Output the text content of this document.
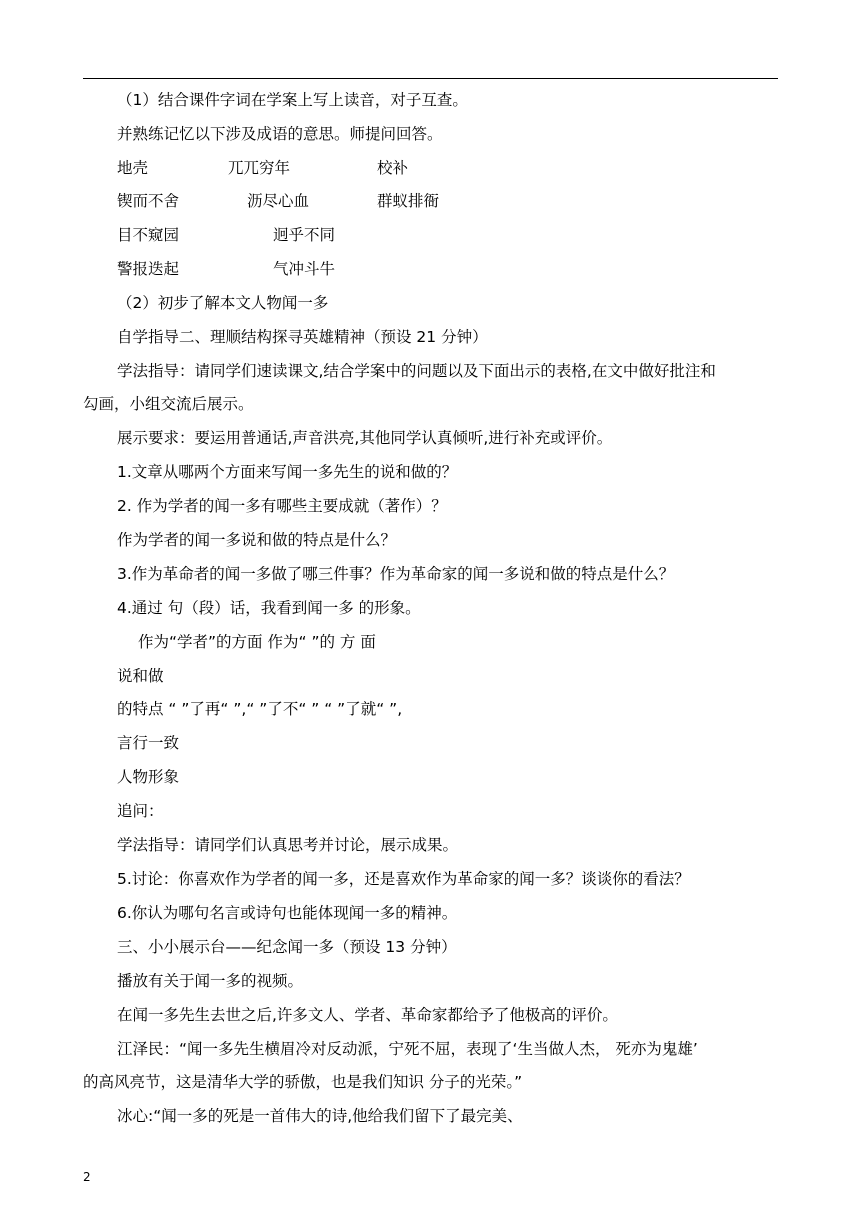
（1）结合课件字词在学案上写上读音，对子互查。
并熟练记忆以下涉及成语的意思。师提问回答。
地壳	兀兀穷年	校补
锲而不舍	沥尽心血	群蚁排衙
目不窥园	迥乎不同
警报迭起	气冲斗牛
（2）初步了解本文人物闻一多
自学指导二、理顺结构探寻英雄精神（预设 21 分钟）
学法指导：请同学们速读课文,结合学案中的问题以及下面出示的表格,在文中做好批注和
勾画，小组交流后展示。
展示要求：要运用普通话,声音洪亮,其他同学认真倾听,进行补充或评价。
1.文章从哪两个方面来写闻一多先生的说和做的？
2. 作为学者的闻一多有哪些主要成就（著作）？
作为学者的闻一多说和做的特点是什么？
3.作为革命者的闻一多做了哪三件事？作为革命家的闻一多说和做的特点是什么？
4.通过 句（段）话，我看到闻一多 的形象。
作为“学者”的方面 作为“ ”的 方 面
说和做
的特点 “ ”了再“ ”,“ ”了不“ ” “ ”了就“ ”,
言行一致
人物形象
追问：
学法指导：请同学们认真思考并讨论，展示成果。
5.讨论：你喜欢作为学者的闻一多，还是喜欢作为革命家的闻一多？谈谈你的看法？
6.你认为哪句名言或诗句也能体现闻一多的精神。
三、小小展示台——纪念闻一多（预设 13 分钟）
播放有关于闻一多的视频。
在闻一多先生去世之后,许多文人、学者、革命家都给予了他极高的评价。
江泽民：“闻一多先生横眉冷对反动派，宁死不屈，表现了‘生当做人杰， 死亦为鬼雄’
的高风亮节，这是清华大学的骄傲，也是我们知识 分子的光荣。”
冰心:“闻一多的死是一首伟大的诗,他给我们留下了最完美、
2
